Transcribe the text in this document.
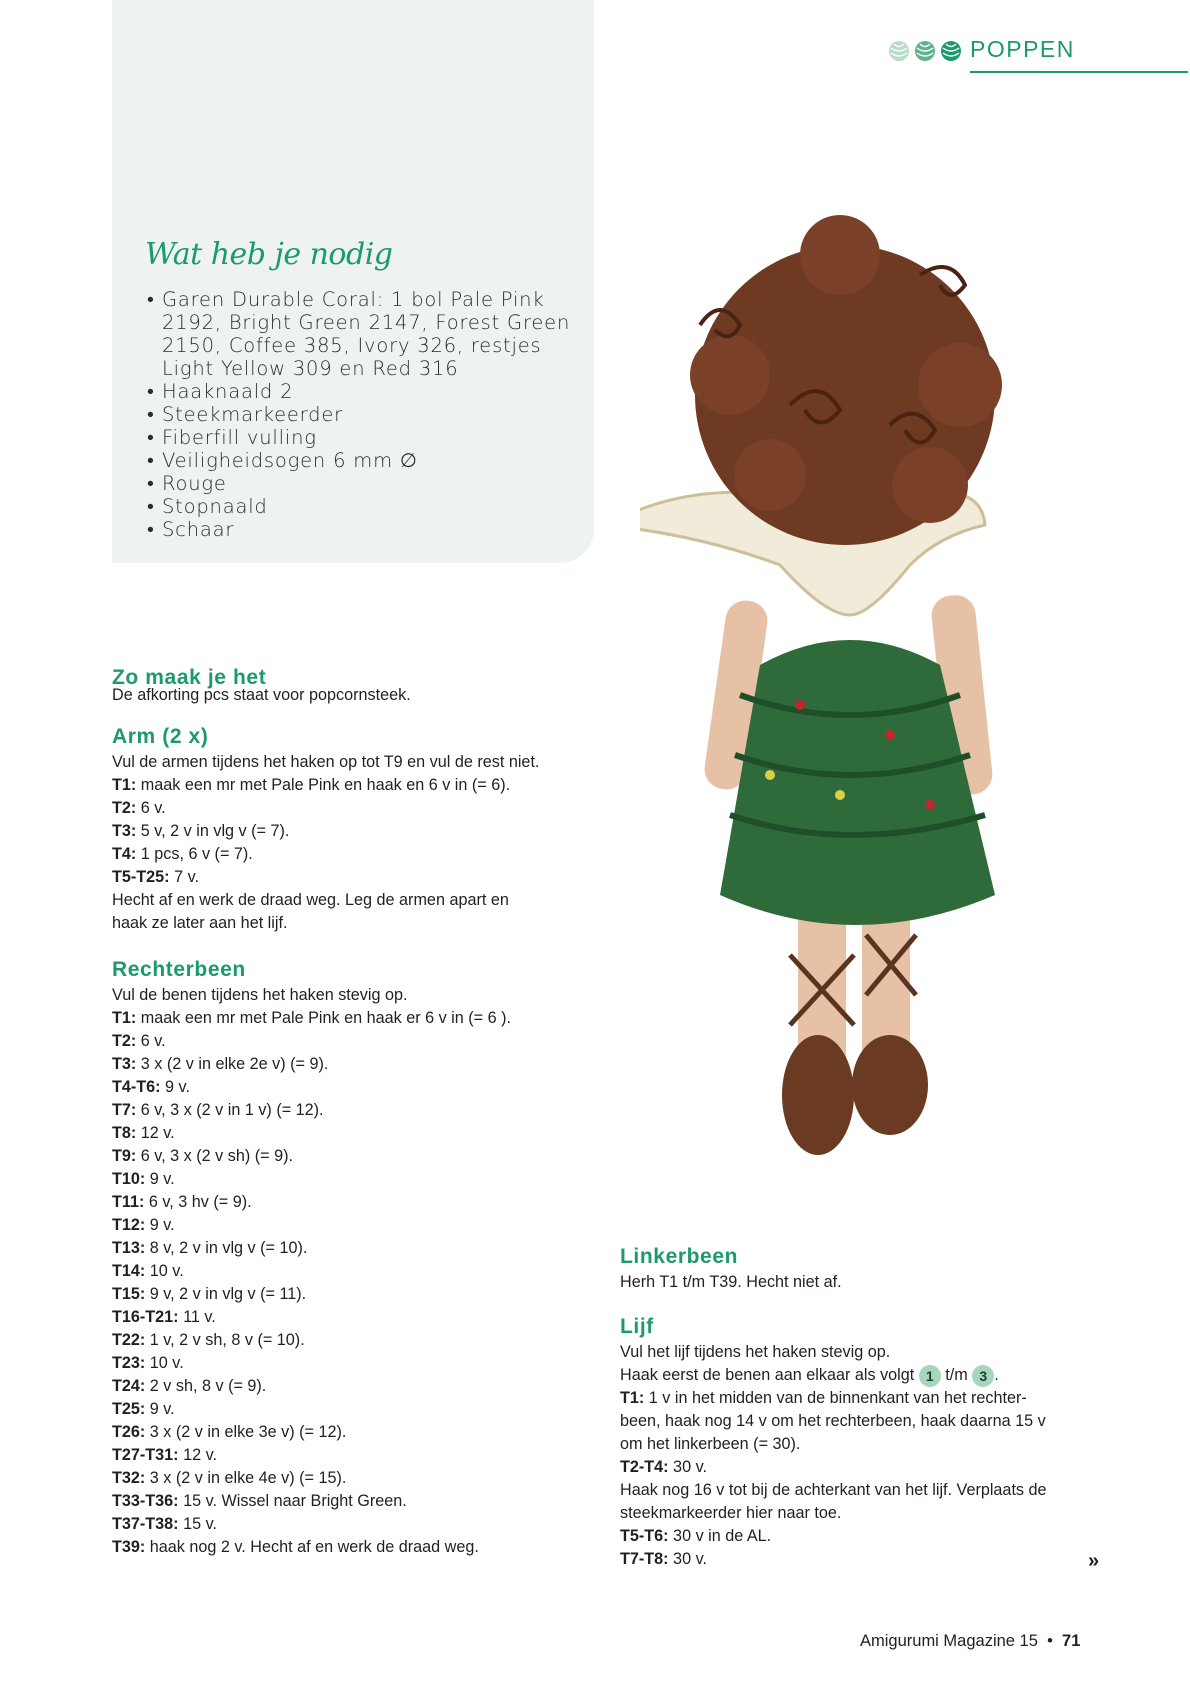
POPPEN
Wat heb je nodig
• Garen Durable Coral: 1 bol Pale Pink 2192, Bright Green 2147, Forest Green 2150, Coffee 385, Ivory 326, restjes Light Yellow 309 en Red 316
• Haaknaald 2
• Steekmarkeerder
• Fiberfill vulling
• Veiligheidsogen 6 mm ∅
• Rouge
• Stopnaald
• Schaar
Zo maak je het
De afkorting pcs staat voor popcornsteek.
Arm (2 x)
Vul de armen tijdens het haken op tot T9 en vul de rest niet.
T1: maak een mr met Pale Pink en haak en 6 v in (= 6).
T2: 6 v.
T3: 5 v, 2 v in vlg v (= 7).
T4: 1 pcs, 6 v (= 7).
T5-T25: 7 v.
Hecht af en werk de draad weg. Leg de armen apart en
haak ze later aan het lijf.
Rechterbeen
Vul de benen tijdens het haken stevig op.
T1: maak een mr met Pale Pink en haak er 6 v in (= 6 ).
T2: 6 v.
T3: 3 x (2 v in elke 2e v) (= 9).
T4-T6: 9 v.
T7: 6 v, 3 x (2 v in 1 v) (= 12).
T8: 12 v.
T9: 6 v, 3 x (2 v sh) (= 9).
T10: 9 v.
T11: 6 v, 3 hv (= 9).
T12: 9 v.
T13: 8 v, 2 v in vlg v (= 10).
T14: 10 v.
T15: 9 v, 2 v in vlg v (= 11).
T16-T21: 11 v.
T22: 1 v, 2 v sh, 8 v (= 10).
T23: 10 v.
T24: 2 v sh, 8 v (= 9).
T25: 9 v.
T26: 3 x (2 v in elke 3e v) (= 12).
T27-T31: 12 v.
T32: 3 x (2 v in elke 4e v) (= 15).
T33-T36: 15 v. Wissel naar Bright Green.
T37-T38: 15 v.
T39: haak nog 2 v. Hecht af en werk de draad weg.
Linkerbeen
Herh T1 t/m T39. Hecht niet af.
Lijf
Vul het lijf tijdens het haken stevig op.
Haak eerst de benen aan elkaar als volgt 1 t/m 3 .
T1: 1 v in het midden van de binnenkant van het rechter-
been, haak nog 14 v om het rechterbeen, haak daarna 15 v
om het linkerbeen (= 30).
T2-T4: 30 v.
Haak nog 16 v tot bij de achterkant van het lijf. Verplaats de
steekmarkeerder hier naar toe.
T5-T6: 30 v in de AL.
T7-T8: 30 v.	»
Amigurumi Magazine 15 • 71
